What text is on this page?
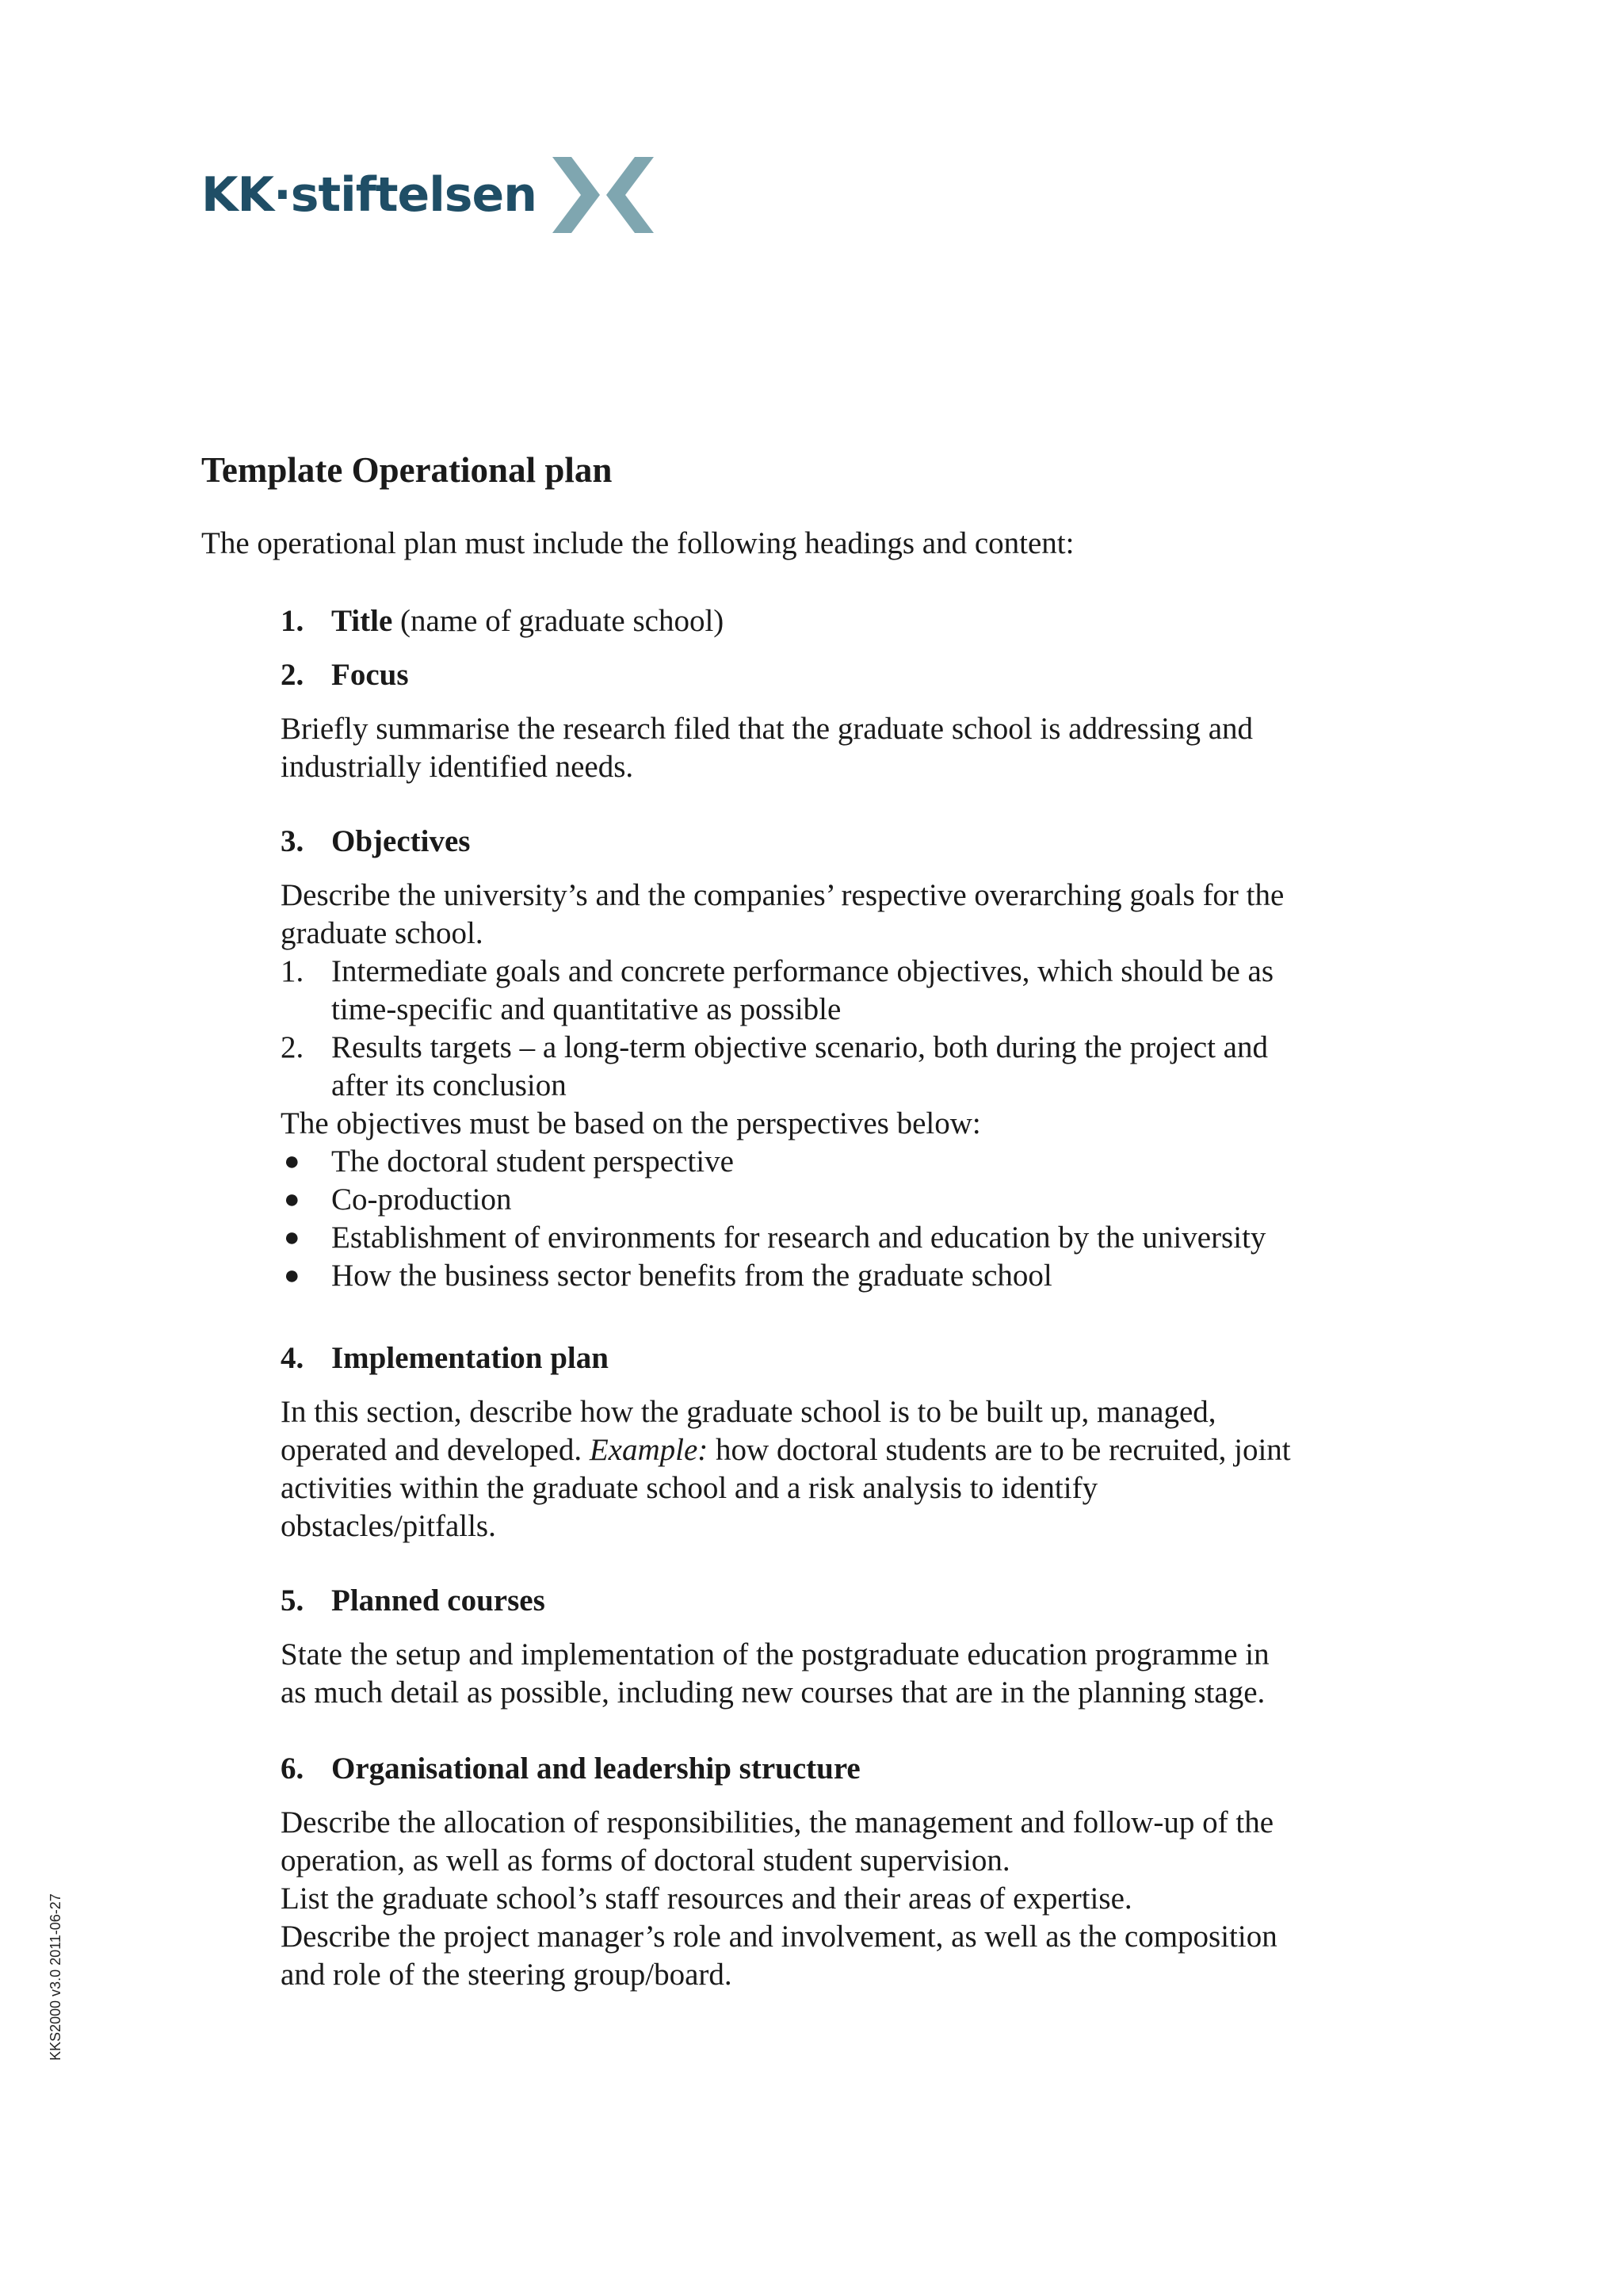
KK·stiftelsen
Template Operational plan

The operational plan must include the following headings and content:

1. Title (name of graduate school)

2. Focus

Briefly summarise the research filed that the graduate school is addressing and
industrially identified needs.

3. Objectives

Describe the university’s and the companies’ respective overarching goals for the
graduate school.

1. Intermediate goals and concrete performance objectives, which should be as
time-specific and quantitative as possible
2. Results targets – a long-term objective scenario, both during the project and
after its conclusion

The objectives must be based on the perspectives below:

● The doctoral student perspective
● Co-production
● Establishment of environments for research and education by the university
● How the business sector benefits from the graduate school

4. Implementation plan

In this section, describe how the graduate school is to be built up, managed,
operated and developed. Example: how doctoral students are to be recruited, joint
activities within the graduate school and a risk analysis to identify
obstacles/pitfalls.

5. Planned courses

State the setup and implementation of the postgraduate education programme in
as much detail as possible, including new courses that are in the planning stage.

6. Organisational and leadership structure

Describe the allocation of responsibilities, the management and follow-up of the
operation, as well as forms of doctoral student supervision.
List the graduate school’s staff resources and their areas of expertise.
Describe the project manager’s role and involvement, as well as the composition
and role of the steering group/board.

KKS2000 v3.0 2011-06-27
